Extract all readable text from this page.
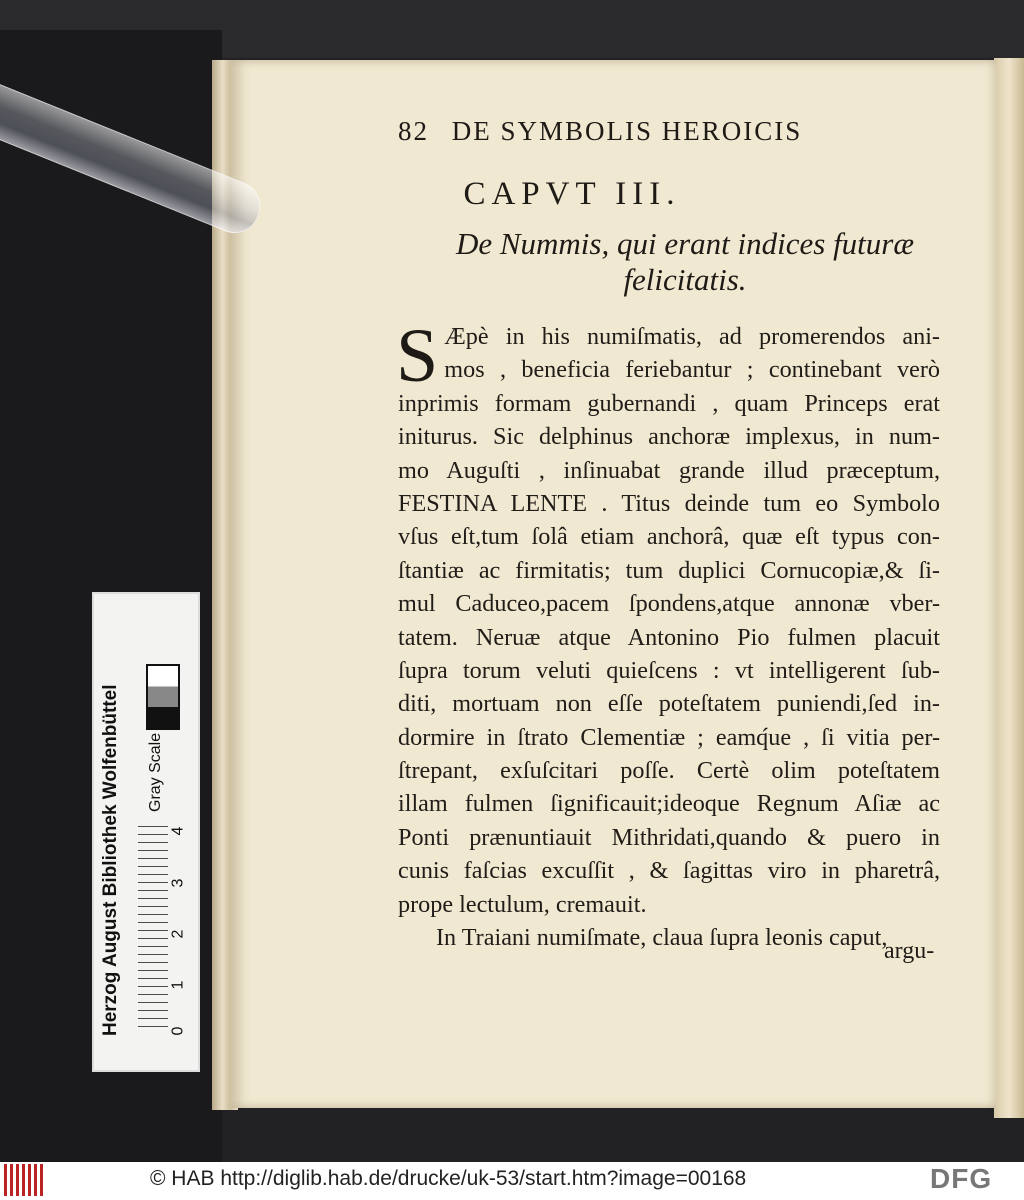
82 DE SYMBOLIS HEROICIS
CAPVT III.
De Nummis, qui erant indices futuræ
felicitatis.
S Æpè in his numiſmatis, ad promerendos ani-
mos , beneficia feriebantur ; continebant verò
inprimis formam gubernandi , quam Princeps erat
initurus. Sic delphinus anchoræ implexus, in num-
mo Auguſti , inſinuabat grande illud præceptum,
FESTINA LENTE . Titus deinde tum eo Symbolo
vſus eſt,tum ſolâ etiam anchorâ, quæ eſt typus con-
ſtantiæ ac firmitatis; tum duplici Cornucopiæ,& ſi-
mul Caduceo,pacem ſpondens,atque annonæ vber-
tatem. Neruæ atque Antonino Pio fulmen placuit
ſupra torum veluti quieſcens : vt intelligerent ſub-
diti, mortuam non eſſe poteſtatem puniendi,ſed in-
dormire in ſtrato Clementiæ ; eamq́ue , ſi vitia per-
ſtrepant, exſuſcitari poſſe. Certè olim poteſtatem
illam fulmen ſignificauit;ideoque Regnum Aſiæ ac
Ponti prænuntiauit Mithridati,quando & puero in
cunis faſcias excuſſit , & ſagittas viro in pharetrâ,
prope lectulum, cremauit.
In Traiani numiſmate, claua ſupra leonis caput,
argu-
Herzog August Bibliothek Wolfenbüttel Gray Scale
0
1
2
3
4
© HAB http://diglib.hab.de/drucke/uk-53/start.htm?image=00168	DFG
